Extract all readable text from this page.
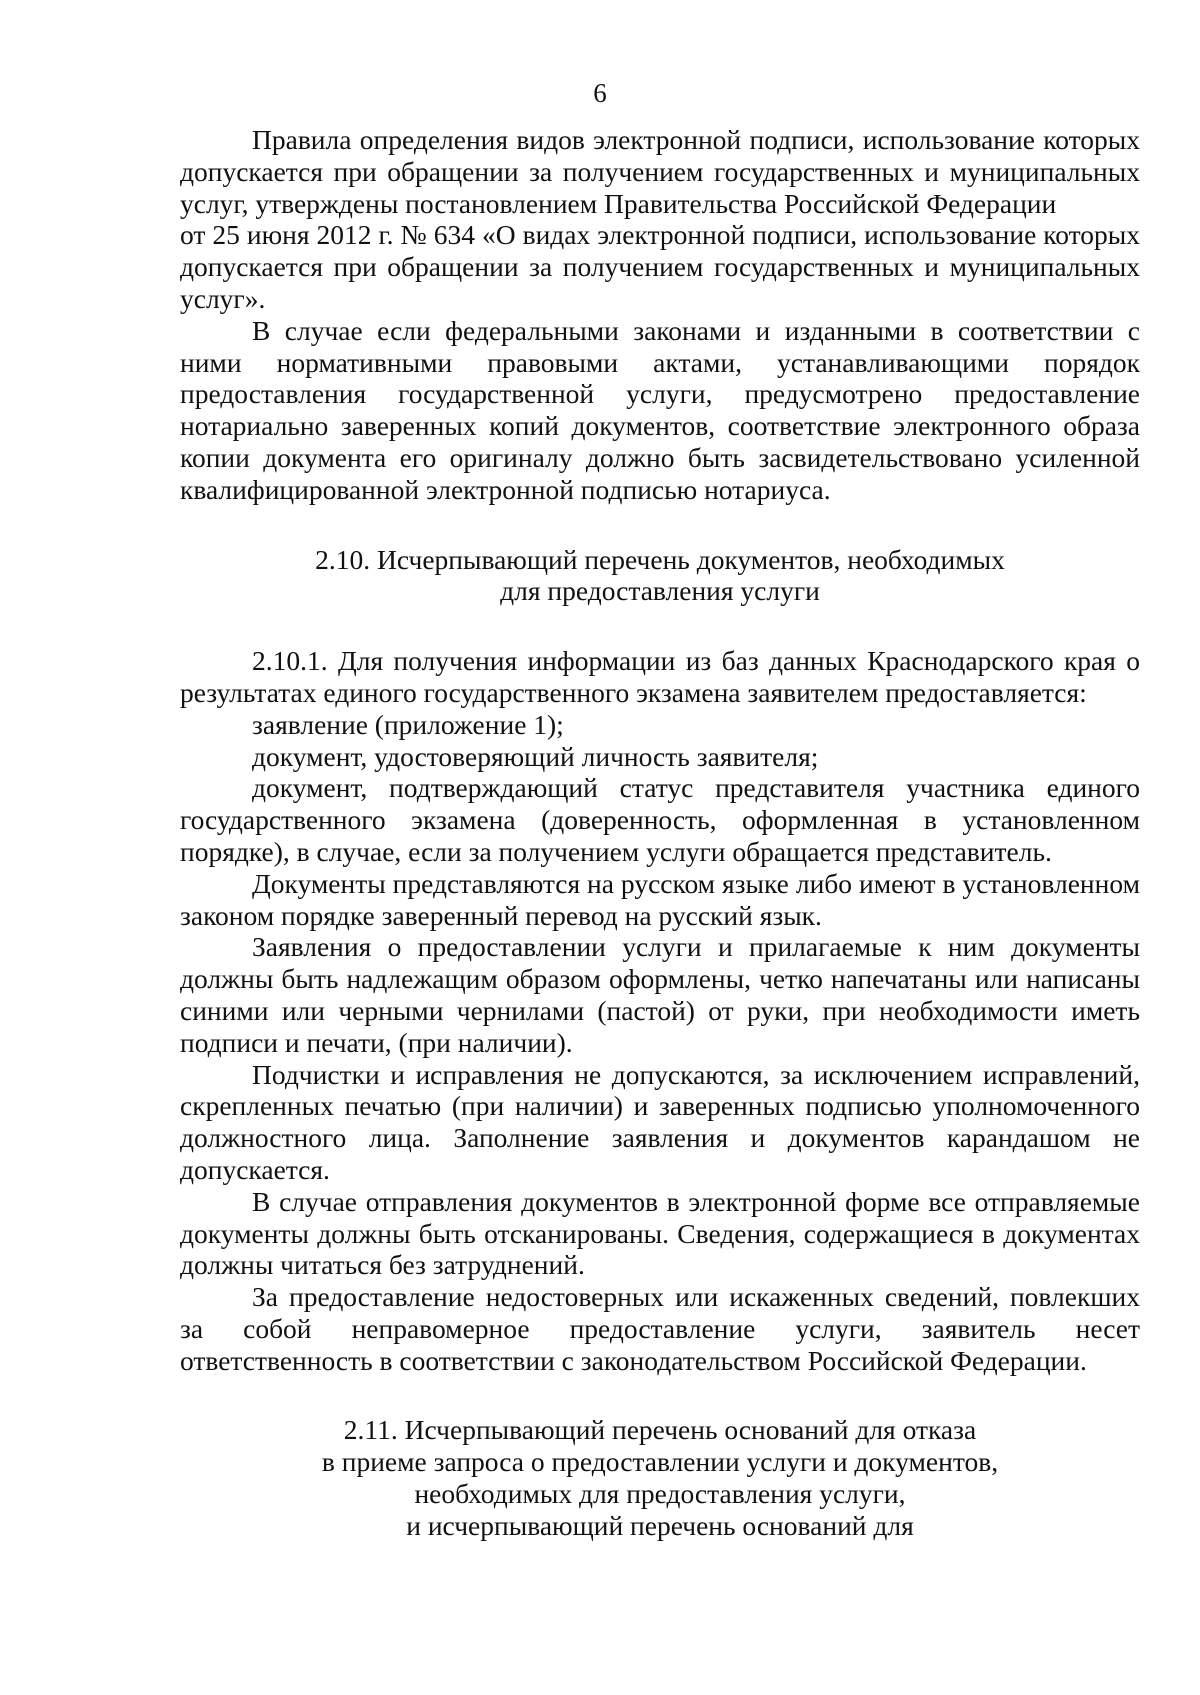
6

Правила определения видов электронной подписи, использование которых допускается при обращении за получением государственных и муниципальных услуг, утверждены постановлением Правительства Российской Федерации

от 25 июня 2012 г. № 634 «О видах электронной подписи, использование которых допускается при обращении за получением государственных и муниципальных услуг».

В случае если федеральными законами и изданными в соответствии с ними нормативными правовыми актами, устанавливающими порядок предоставления государственной услуги, предусмотрено предоставление нотариально заверенных копий документов, соответствие электронного образа копии документа его оригиналу должно быть засвидетельствовано усиленной квалифицированной электронной подписью нотариуса.

2.10. Исчерпывающий перечень документов, необходимых
для предоставления услуги

2.10.1. Для получения информации из баз данных Краснодарского края о результатах единого государственного экзамена заявителем предоставляется:

заявление (приложение 1);

документ, удостоверяющий личность заявителя;

документ, подтверждающий статус представителя участника единого государственного экзамена (доверенность, оформленная в установленном порядке), в случае, если за получением услуги обращается представитель.

Документы представляются на русском языке либо имеют в установленном законом порядке заверенный перевод на русский язык.

Заявления о предоставлении услуги и прилагаемые к ним документы должны быть надлежащим образом оформлены, четко напечатаны или написаны синими или черными чернилами (пастой) от руки, при необходимости иметь подписи и печати, (при наличии).

Подчистки и исправления не допускаются, за исключением исправлений, скрепленных печатью (при наличии) и заверенных подписью уполномоченного должностного лица. Заполнение заявления и документов карандашом не допускается.

В случае отправления документов в электронной форме все отправляемые документы должны быть отсканированы. Сведения, содержащиеся в документах должны читаться без затруднений.

За предоставление недостоверных или искаженных сведений, повлекших за собой неправомерное предоставление услуги, заявитель несет ответственность в соответствии с законодательством Российской Федерации.

2.11. Исчерпывающий перечень оснований для отказа
в приеме запроса о предоставлении услуги и документов,
необходимых для предоставления услуги,
и исчерпывающий перечень оснований для
